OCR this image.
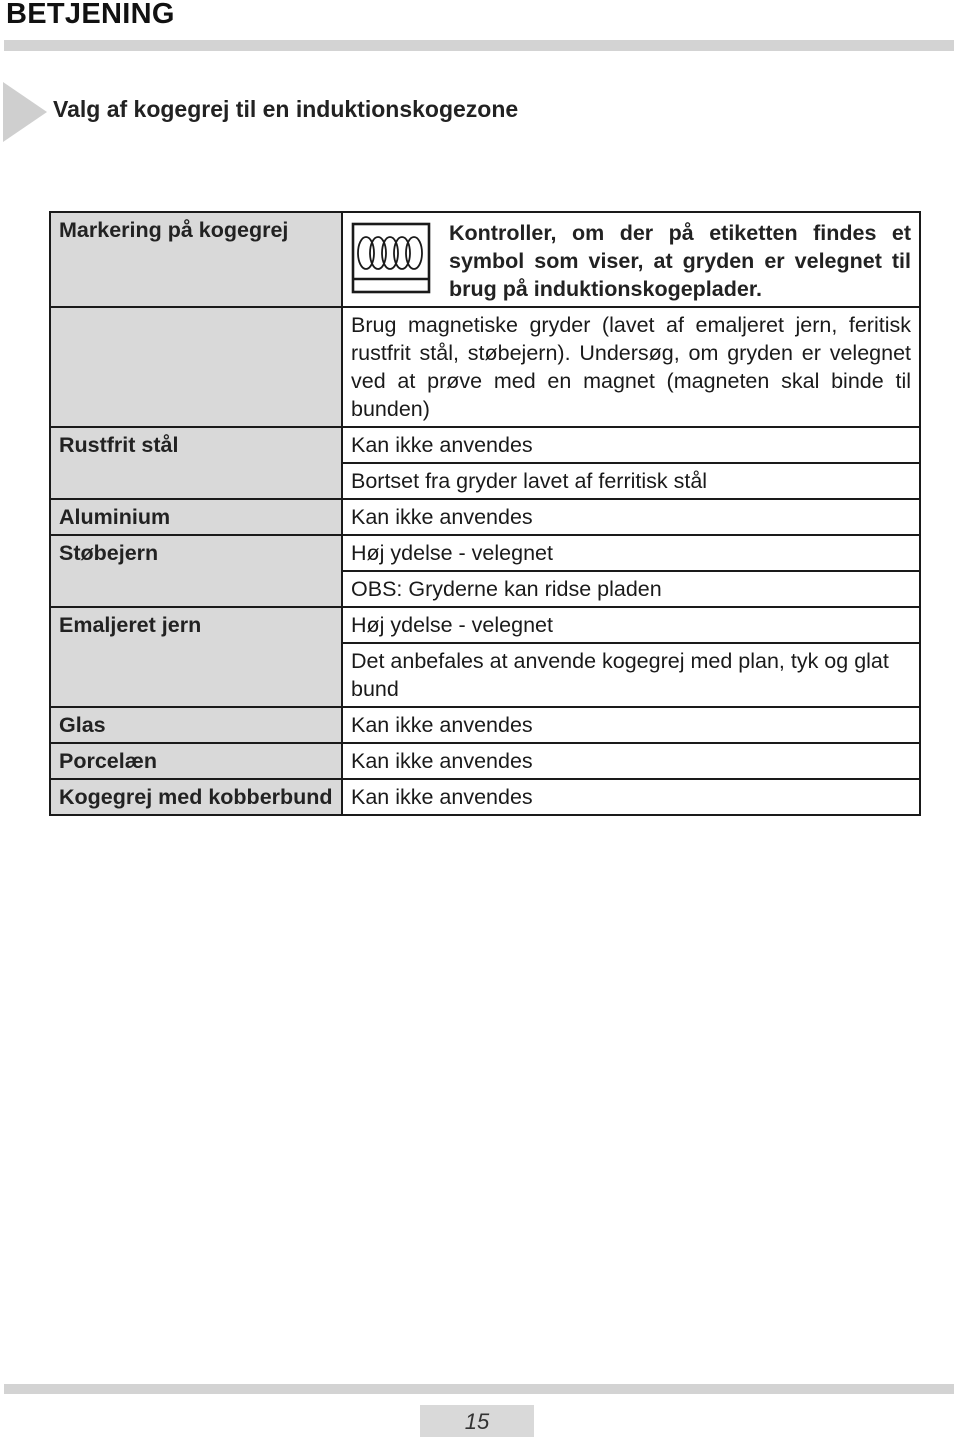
BETJENING
Valg af kogegrej til en induktionskogezone
Markering på kogegrej	Kontroller, om der på etiketten findes et symbol som viser, at gryden er velegnet til brug på induktionskogeplader.

	Brug magnetiske gryder (lavet af emaljeret jern, feritisk rustfrit stål, støbejern). Undersøg, om gryden er velegnet ved at prøve med en magnet (magneten skal binde til bunden)

Rustfrit stål	Kan ikke anvendes
	Bortset fra gryder lavet af ferritisk stål
Aluminium	Kan ikke anvendes
Støbejern	Høj ydelse - velegnet
	OBS: Gryderne kan ridse pladen
Emaljeret jern	Høj ydelse - velegnet
	Det anbefales at anvende kogegrej med plan, tyk og glat bund
Glas	Kan ikke anvendes
Porcelæn	Kan ikke anvendes
Kogegrej med kobberbund	Kan ikke anvendes
15
